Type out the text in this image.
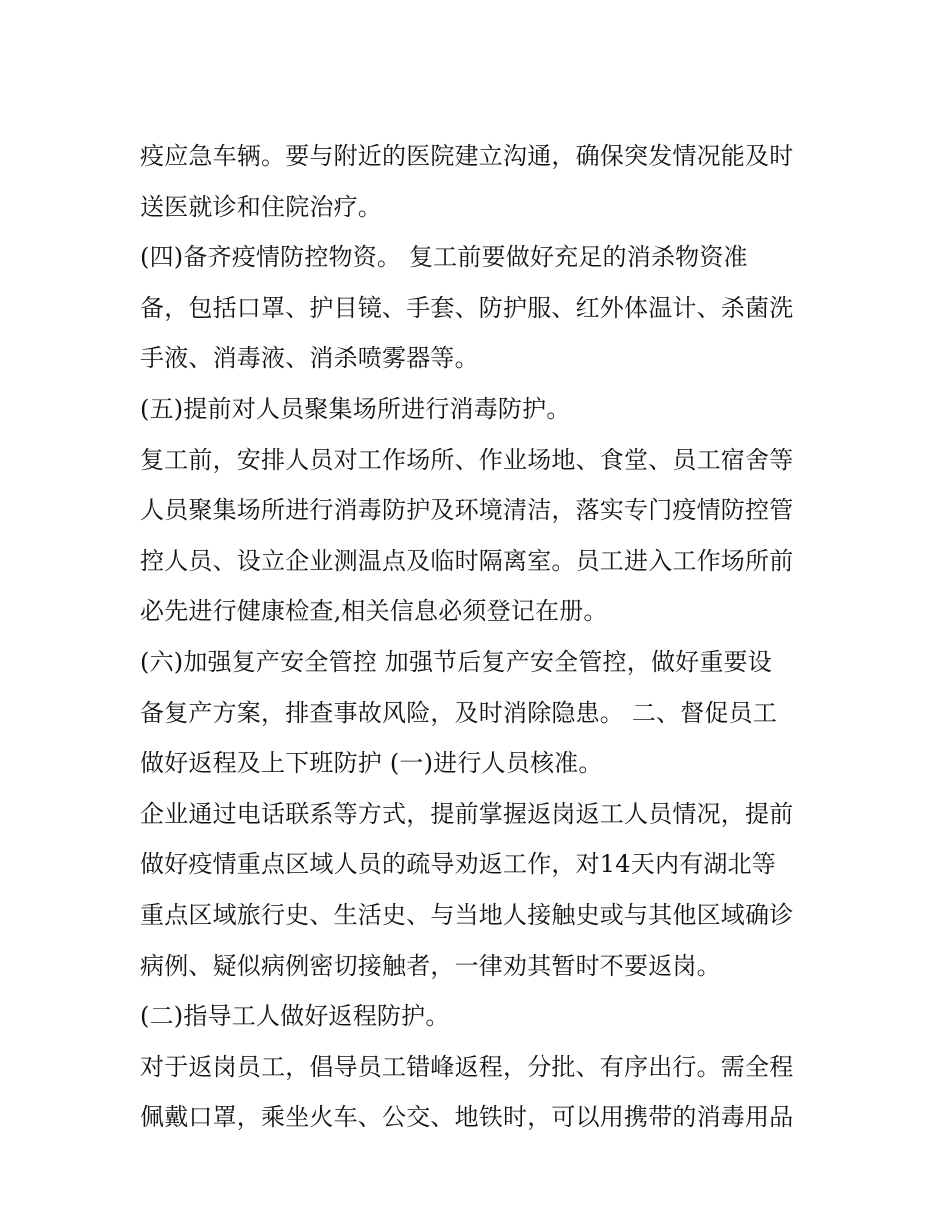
疫应急车辆。要与附近的医院建立沟通，确保突发情况能及时
送医就诊和住院治疗。
(四)备齐疫情防控物资。 复工前要做好充足的消杀物资准
备，包括口罩、护目镜、手套、防护服、红外体温计、杀菌洗
手液、消毒液、消杀喷雾器等。
(五)提前对人员聚集场所进行消毒防护。
复工前，安排人员对工作场所、作业场地、食堂、员工宿舍等
人员聚集场所进行消毒防护及环境清洁，落实专门疫情防控管
控人员、设立企业测温点及临时隔离室。员工进入工作场所前
必先进行健康检查,相关信息必须登记在册。
(六)加强复产安全管控 加强节后复产安全管控，做好重要设
备复产方案，排查事故风险，及时消除隐患。 二、督促员工
做好返程及上下班防护 (一)进行人员核准。
企业通过电话联系等方式，提前掌握返岗返工人员情况，提前
做好疫情重点区域人员的疏导劝返工作，对14天内有湖北等
重点区域旅行史、生活史、与当地人接触史或与其他区域确诊
病例、疑似病例密切接触者，一律劝其暂时不要返岗。
(二)指导工人做好返程防护。
对于返岗员工，倡导员工错峰返程，分批、有序出行。需全程
佩戴口罩，乘坐火车、公交、地铁时，可以用携带的消毒用品
